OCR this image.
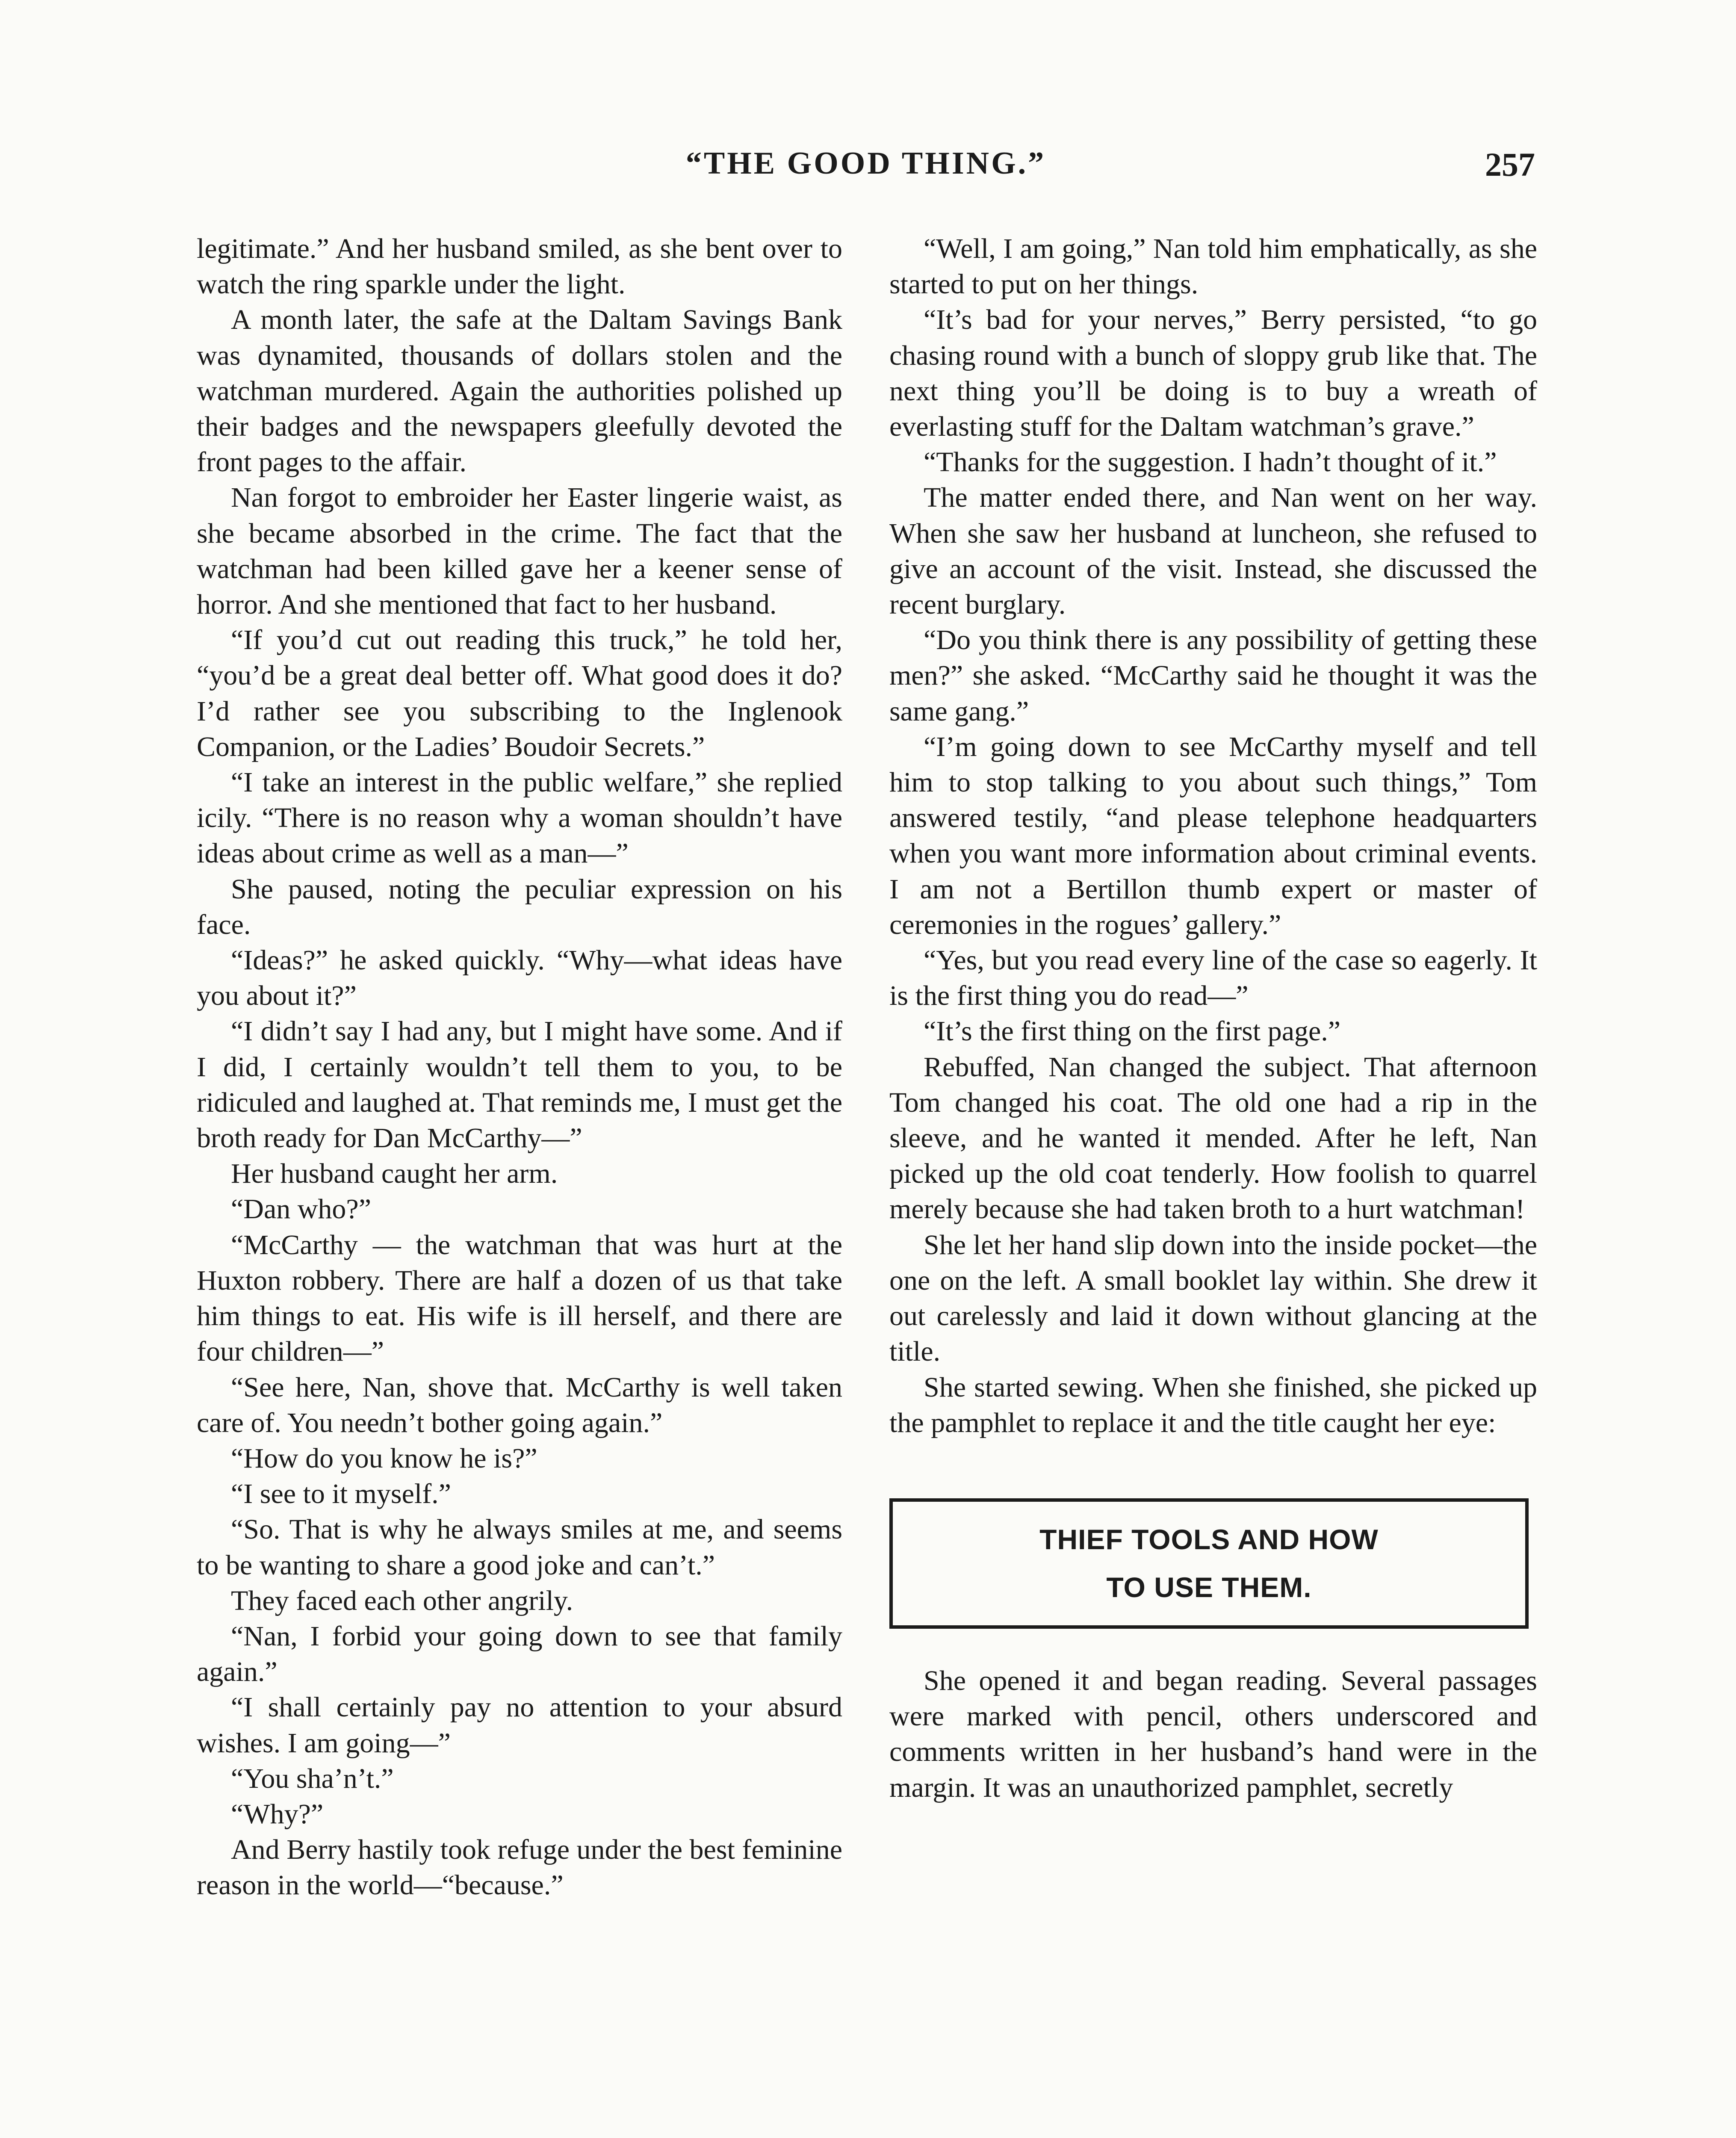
“THE GOOD THING.”	257

legitimate.” And her husband smiled, as she bent over to watch the ring sparkle under the light.

A month later, the safe at the Daltam Savings Bank was dynamited, thousands of dollars stolen and the watchman murdered. Again the authorities polished up their badges and the newspapers gleefully devoted the front pages to the affair.

Nan forgot to embroider her Easter lingerie waist, as she became absorbed in the crime. The fact that the watchman had been killed gave her a keener sense of horror. And she mentioned that fact to her husband.

“If you’d cut out reading this truck,” he told her, “you’d be a great deal better off. What good does it do? I’d rather see you subscribing to the Inglenook Companion, or the Ladies’ Boudoir Secrets.”

“I take an interest in the public welfare,” she replied icily. “There is no reason why a woman shouldn’t have ideas about crime as well as a man—”

She paused, noting the peculiar expression on his face.

“Ideas?” he asked quickly. “Why—what ideas have you about it?”

“I didn’t say I had any, but I might have some. And if I did, I certainly wouldn’t tell them to you, to be ridiculed and laughed at. That reminds me, I must get the broth ready for Dan McCarthy—”

Her husband caught her arm.

“Dan who?”

“McCarthy — the watchman that was hurt at the Huxton robbery. There are half a dozen of us that take him things to eat. His wife is ill herself, and there are four children—”

“See here, Nan, shove that. McCarthy is well taken care of. You needn’t bother going again.”

“How do you know he is?”

“I see to it myself.”

“So. That is why he always smiles at me, and seems to be wanting to share a good joke and can’t.”

They faced each other angrily.

“Nan, I forbid your going down to see that family again.”

“I shall certainly pay no attention to your absurd wishes. I am going—”

“You sha’n’t.”

“Why?”

And Berry hastily took refuge under the best feminine reason in the world—“because.”

“Well, I am going,” Nan told him emphatically, as she started to put on her things.

“It’s bad for your nerves,” Berry persisted, “to go chasing round with a bunch of sloppy grub like that. The next thing you’ll be doing is to buy a wreath of everlasting stuff for the Daltam watchman’s grave.”

“Thanks for the suggestion. I hadn’t thought of it.”

The matter ended there, and Nan went on her way. When she saw her husband at luncheon, she refused to give an account of the visit. Instead, she discussed the recent burglary.

“Do you think there is any possibility of getting these men?” she asked. “McCarthy said he thought it was the same gang.”

“I’m going down to see McCarthy myself and tell him to stop talking to you about such things,” Tom answered testily, “and please telephone headquarters when you want more information about criminal events. I am not a Bertillon thumb expert or master of ceremonies in the rogues’ gallery.”

“Yes, but you read every line of the case so eagerly. It is the first thing you do read—”

“It’s the first thing on the first page.”

Rebuffed, Nan changed the subject. That afternoon Tom changed his coat. The old one had a rip in the sleeve, and he wanted it mended. After he left, Nan picked up the old coat tenderly. How foolish to quarrel merely because she had taken broth to a hurt watchman!

She let her hand slip down into the inside pocket—the one on the left. A small booklet lay within. She drew it out carelessly and laid it down without glancing at the title.

She started sewing. When she finished, she picked up the pamphlet to replace it and the title caught her eye:

THIEF TOOLS AND HOW
TO USE THEM.

She opened it and began reading. Several passages were marked with pencil, others underscored and comments written in her husband’s hand were in the margin. It was an unauthorized pamphlet, secretly
